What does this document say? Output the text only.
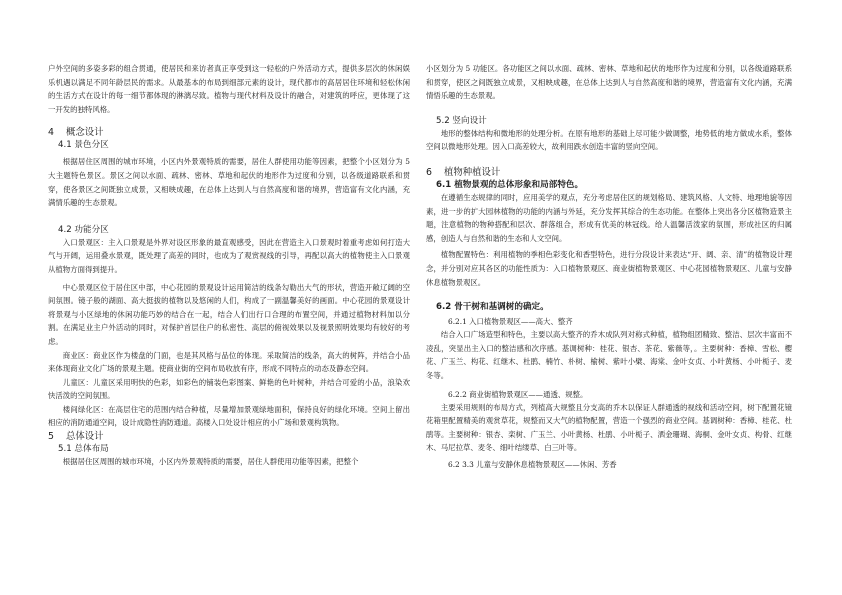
户外空间的多姿多彩的组合贯通，使居民和来访者真正享受到这一轻松的户外活动方式，提供多层次的休闲娱乐机遇以满足不同年龄层民的需求。从最基本的布局到细部元素的设计，现代都市的高居居住环境和轻松休闲的生活方式在设计的每一细节都体现的淋漓尽致。植物与现代材料及设计的融合，对建筑的呼应，更体现了这一开发的独特风格。

4 概念设计
4.1 景色分区

根据居住区周围的城市环境，小区内外景观特质的需要，居住人群使用功能等因素，把整个小区划分为 5 大主题特色景区。景区之间以水面、疏林、密林、草地和起伏的地形作为过度和分别，以各级道路联系和贯穿，使各景区之间既独立成景，又相映成趣，在总体上达到人与自然高度和谐的境界，营造富有文化内涵，充满情乐趣的生态景观。

4.2 功能分区

入口景观区：主入口景观是外界对设区形象的最直观感受，因此在营造主入口景观时着重考虑如何打造大气与开阔，运用叠水景观，既处理了高差的同时，也成为了观赏视线的引导，再配以高大的植物使主入口景观从植物方面得到提升。

中心景观区位于居住区中部，中心花园的景观设计运用简洁的线条勾勒出大气的形状，营造开敞辽阔的空间氛围。镜子般的湖面、高大挺拔的植物以及悠闲的人们，构成了一副温馨美好的画面。中心花园的景观设计将景观与小区绿地的休闲功能巧妙的结合在一起，结合人们出行口合理的布置空间，并通过植物材料加以分割。在满足业主户外活动的同时，对保护首层住户的私密性、高层的俯视效果以及视景照明效果均有较好的考虑。

商业区：商业区作为楼盘的门面，也是其风格与品位的体现。采取简洁的线条，高大的树阵，并结合小品来体现商业文化广场的景观主题。使商业街的空间布局收放有序，形成不同特点的动态及静态空间。

儿童区：儿童区采用明快的色彩，如彩色的铺装色彩图案、鲜艳的色叶树种，并结合可爱的小品，浪染欢快活泼的空间氛围。

楼间绿化区：在高层住宅的范围内结合种植，尽量增加景观绿地面积，保持良好的绿化环境。空间上留出相应的消防通道空间，设计成隐性消防通道。高楼入口处设计相应的小广场和景观构筑物。

5 总体设计
5.1 总体布局

根据居住区周围的城市环境，小区内外景观特质的需要，居住人群使用功能等因素，把整个

小区划分为 5 功能区。各功能区之间以水面、疏林、密林、草地和起伏的地形作为过度和分别，以各级道路联系和贯穿，使区之间既独立成景，又相映成趣，在总体上达到人与自然高度和谐的境界，营造富有文化内涵，充满情悟乐趣的生态景观。

5.2 竖向设计

地形的整体结构和微地形的处理分析。在原有地形的基础上尽可能少做调整，地势低的地方做成水系，整体空间以微地形处理。因入口高差较大，故利用跌水创造丰富的竖向空间。

6 植物种植设计
6.1 植物景观的总体形象和局部特色。

在遵循生态规律的同时，应用美学的观点，充分考虑居住区的规划格局、建筑风格、人文特、地理地貌等因素，进一步的扩大园林植物的功能的内涵与外延，充分发挥其综合的生态功能。在整体上突出各分区植物造景主题，注意植物的物种搭配和层次、群落组合，形成有优美的林冠线。给人温馨活泼家的氛围，形成社区的归属感，创造人与自然和谐的生态和人文空间。

植物配置特色：利用植物的季相色彩变化和香型特色，进行分段设计来表达“开、阔、亲、清”的植物设计理念，并分别对应其各区的功能性质为：入口植物景观区、商业街植物景观区、中心花园植物景观区、儿童与安静休息植物景观区。

6.2 骨干树和基调树的确定。

6.2.1 入口植物景观区——高大、整齐

结合入口广场造型和特色，主要以高大整齐的乔木成队列对称式种植，植物组团精致、整洁、层次丰富而不凌乱，突显出主入口的整洁感和次序感。基调树种：桂花、银杏、茶花、紫薇等，。主要树种：香樟、雪松、樱花、广玉兰、构花、红继木、杜鹃、楠竹、朴树、榆树、紫叶小檗、海棠、金叶女贞、小叶黄杨、小叶栀子、麦冬等。

6.2.2 商业街植物景观区——通透、规整。

主要采用规则的布局方式，列植高大规整且分支高的乔木以保证人群通透的视线和活动空间，树下配置花镜花箱里配置精美的观赏草花，规整而又大气的植物配置，营造一个强烈的商业空间。基调树种：香樟、桂花、杜鹃等。主要树种：银杏、栾树、广玉兰、小叶黄杨、杜鹃、小叶栀子、洒金珊瑚、海桐、金叶女贞、构骨、红继木、马尼拉草、麦冬、细叶结缕草、白三叶等。

6.2 3.3 儿童与安静休息植物景观区——休闲、芳香
